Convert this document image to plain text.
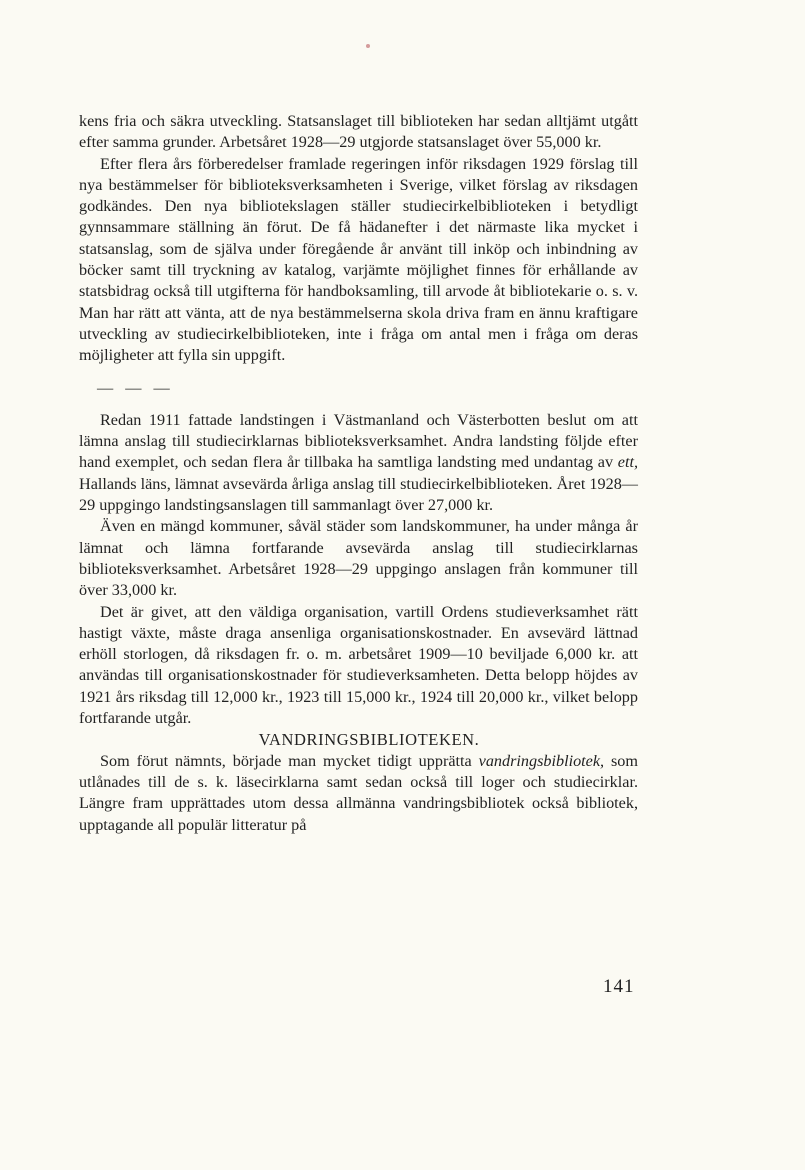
kens fria och säkra utveckling. Statsanslaget till biblioteken har sedan alltjämt utgått efter samma grunder. Arbetsåret 1928—29 utgjorde statsanslaget över 55,000 kr.

Efter flera års förberedelser framlade regeringen inför riksdagen 1929 förslag till nya bestämmelser för biblioteksverksamheten i Sverige, vilket förslag av riksdagen godkändes. Den nya bibliotekslagen ställer studiecirkelbiblioteken i betydligt gynnsammare ställning än förut. De få hädanefter i det närmaste lika mycket i statsanslag, som de själva under föregående år använt till inköp och inbindning av böcker samt till tryckning av katalog, varjämte möjlighet finnes för erhållande av statsbidrag också till utgifterna för handboksamling, till arvode åt bibliotekarie o. s. v. Man har rätt att vänta, att de nya bestämmelserna skola driva fram en ännu kraftigare utveckling av studiecirkelbiblioteken, inte i fråga om antal men i fråga om deras möjligheter att fylla sin uppgift.

— — —

Redan 1911 fattade landstingen i Västmanland och Västerbotten beslut om att lämna anslag till studiecirklarnas biblioteksverksamhet. Andra landsting följde efter hand exemplet, och sedan flera år tillbaka ha samtliga landsting med undantag av ett, Hallands läns, lämnat avsevärda årliga anslag till studiecirkelbiblioteken. Året 1928—29 uppgingo landstingsanslagen till sammanlagt över 27,000 kr.

Även en mängd kommuner, såväl städer som landskommuner, ha under många år lämnat och lämna fortfarande avsevärda anslag till studiecirklarnas biblioteksverksamhet. Arbetsåret 1928—29 uppgingo anslagen från kommuner till över 33,000 kr.

Det är givet, att den väldiga organisation, vartill Ordens studieverksamhet rätt hastigt växte, måste draga ansenliga organisationskostnader. En avsevärd lättnad erhöll storlogen, då riksdagen fr. o. m. arbetsåret 1909—10 beviljade 6,000 kr. att användas till organisationskostnader för studieverksamheten. Detta belopp höjdes av 1921 års riksdag till 12,000 kr., 1923 till 15,000 kr., 1924 till 20,000 kr., vilket belopp fortfarande utgår.

VANDRINGSBIBLIOTEKEN.

Som förut nämnts, började man mycket tidigt upprätta vandringsbibliotek, som utlånades till de s. k. läsecirklarna samt sedan också till loger och studiecirklar. Längre fram upprättades utom dessa allmänna vandringsbibliotek också bibliotek, upptagande all populär litteratur på

141
